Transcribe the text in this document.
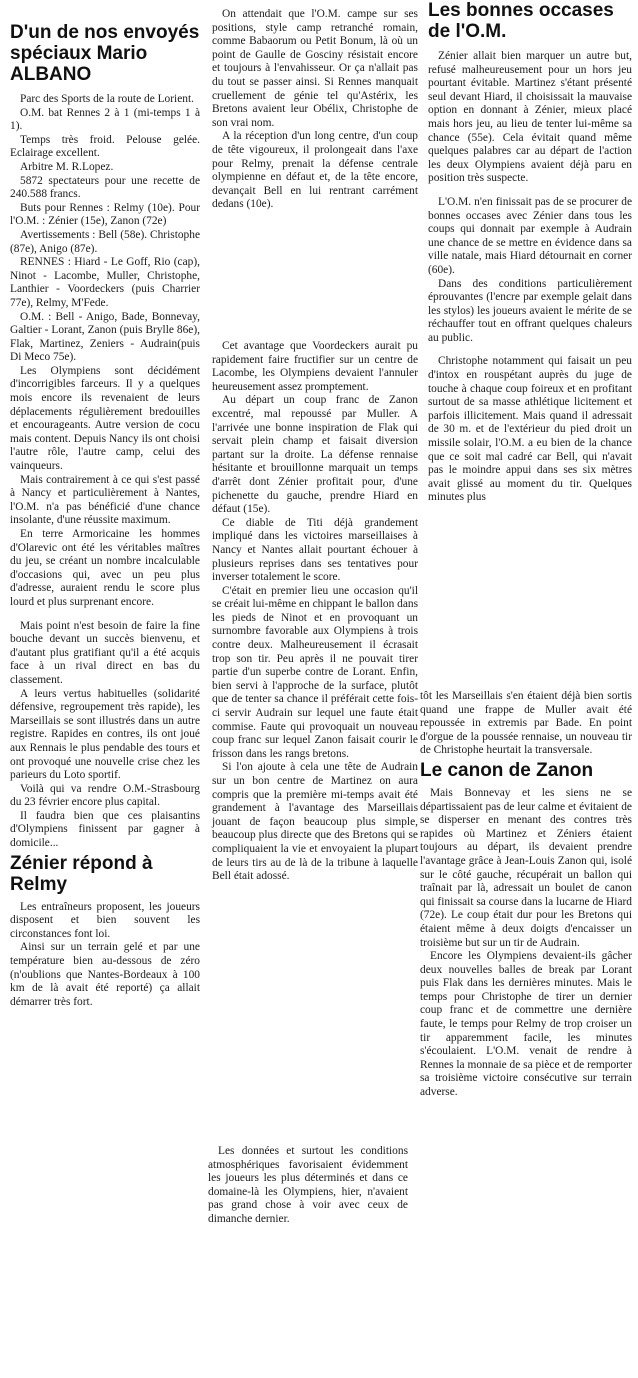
D'un de nos envoyés spéciaux Mario ALBANO

Parc des Sports de la route de Lorient.

O.M. bat Rennes 2 à 1 (mi-temps 1 à 1).

Temps très froid. Pelouse gelée. Eclairage excellent.

Arbitre M. R.Lopez.

5872 spectateurs pour une recette de 240.588 francs.

Buts pour Rennes : Relmy (10e). Pour l'O.M. : Zénier (15e), Zanon (72e)

Avertissements : Bell (58e). Christophe (87e), Anigo (87e).

RENNES : Hiard - Le Goff, Rio (cap), Ninot - Lacombe, Muller, Christophe, Lanthier - Voordeckers (puis Charrier 77e), Relmy, M'Fede.

O.M. : Bell - Anigo, Bade, Bonnevay, Galtier - Lorant, Zanon (puis Brylle 86e), Flak, Martinez, Zeniers - Audrain(puis Di Meco 75e).

Les Olympiens sont décidément d'incorrigibles farceurs. Il y a quelques mois encore ils revenaient de leurs déplacements régulièrement bredouilles et encourageants. Autre version de cocu mais content. Depuis Nancy ils ont choisi l'autre rôle, l'autre camp, celui des vainqueurs.

Mais contrairement à ce qui s'est passé à Nancy et particulièrement à Nantes, l'O.M. n'a pas bénéficié d'une chance insolante, d'une réussite maximum.

En terre Armoricaine les hommes d'Olarevic ont été les véritables maîtres du jeu, se créant un nombre incalculable d'occasions qui, avec un peu plus d'adresse, auraient rendu le score plus lourd et plus surprenant encore.

Mais point n'est besoin de faire la fine bouche devant un succès bienvenu, et d'autant plus gratifiant qu'il a été acquis face à un rival direct en bas du classement.

A leurs vertus habituelles (solidarité défensive, regroupement très rapide), les Marseillais se sont illustrés dans un autre registre. Rapides en contres, ils ont joué aux Rennais le plus pendable des tours et ont provoqué une nouvelle crise chez les parieurs du Loto sportif.

Voilà qui va rendre O.M.-Strasbourg du 23 février encore plus capital.

Il faudra bien que ces plaisantins d'Olympiens finissent par gagner à domicile...

Zénier répond à Relmy

Les entraîneurs proposent, les joueurs disposent et bien souvent les circonstances font loi.

Ainsi sur un terrain gelé et par une température bien au-dessous de zéro (n'oublions que Nantes-Bordeaux à 100 km de là avait été reporté) ça allait démarrer très fort.

On attendait que l'O.M. campe sur ses positions, style camp retranché romain, comme Babaorum ou Petit Bonum, là où un point de Gaulle de Gosciny résistait encore et toujours à l'envahisseur. Or ça n'allait pas du tout se passer ainsi. Si Rennes manquait cruellement de génie tel qu'Astérix, les Bretons avaient leur Obélix, Christophe de son vrai nom.

A la réception d'un long centre, d'un coup de tête vigoureux, il prolongeait dans l'axe pour Relmy, prenait la défense centrale olympienne en défaut et, de la tête encore, devançait Bell en lui rentrant carrément dedans (10e).

Cet avantage que Voordeckers aurait pu rapidement faire fructifier sur un centre de Lacombe, les Olympiens devaient l'annuler heureusement assez promptement.

Au départ un coup franc de Zanon excentré, mal repoussé par Muller. A l'arrivée une bonne inspiration de Flak qui servait plein champ et faisait diversion partant sur la droite. La défense rennaise hésitante et brouillonne marquait un temps d'arrêt dont Zénier profitait pour, d'une pichenette du gauche, prendre Hiard en défaut (15e).

Ce diable de Titi déjà grandement impliqué dans les victoires marseillaises à Nancy et Nantes allait pourtant échouer à plusieurs reprises dans ses tentatives pour inverser totalement le score.

C'était en premier lieu une occasion qu'il se créait lui-même en chippant le ballon dans les pieds de Ninot et en provoquant un surnombre favorable aux Olympiens à trois contre deux. Malheureusement il écrasait trop son tir. Peu après il ne pouvait tirer partie d'un superbe contre de Lorant. Enfin, bien servi à l'approche de la surface, plutôt que de tenter sa chance il préférait cette fois-ci servir Audrain sur lequel une faute était commise. Faute qui provoquait un nouveau coup franc sur lequel Zanon faisait courir le frisson dans les rangs bretons.

Si l'on ajoute à cela une tête de Audrain sur un bon centre de Martinez on aura compris que la première mi-temps avait été grandement à l'avantage des Marseillais jouant de façon beaucoup plus simple, beaucoup plus directe que des Bretons qui se compliquaient la vie et envoyaient la plupart de leurs tirs au de là de la tribune à laquelle Bell était adossé.

Les données et surtout les conditions atmosphériques favorisaient évidemment les joueurs les plus déterminés et dans ce domaine-là les Olympiens, hier, n'avaient pas grand chose à voir avec ceux de dimanche dernier.

Les bonnes occases de l'O.M.

Zénier allait bien marquer un autre but, refusé malheureusement pour un hors jeu pourtant évitable. Martinez s'étant présenté seul devant Hiard, il choisissait la mauvaise option en donnant à Zénier, mieux placé mais hors jeu, au lieu de tenter lui-même sa chance (55e). Cela évitait quand même quelques palabres car au départ de l'action les deux Olympiens avaient déjà paru en position très suspecte.

L'O.M. n'en finissait pas de se procurer de bonnes occases avec Zénier dans tous les coups qui donnait par exemple à Audrain une chance de se mettre en évidence dans sa ville natale, mais Hiard détournait en corner (60e).

Dans des conditions particulièrement éprouvantes (l'encre par exemple gelait dans les stylos) les joueurs avaient le mérite de se réchauffer tout en offrant quelques chaleurs au public.

Christophe notamment qui faisait un peu d'intox en rouspétant auprès du juge de touche à chaque coup foireux et en profitant surtout de sa masse athlétique licitement et parfois illicitement. Mais quand il adressait de 30 m. et de l'extérieur du pied droit un missile solair, l'O.M. a eu bien de la chance que ce soit mal cadré car Bell, qui n'avait pas le moindre appui dans ses six mètres avait glissé au moment du tir. Quelques minutes plus

tôt les Marseillais s'en étaient déjà bien sortis quand une frappe de Muller avait été repoussée in extremis par Bade. En point d'orgue de la poussée rennaise, un nouveau tir de Christophe heurtait la transversale.

Le canon de Zanon

Mais Bonnevay et les siens ne se départissaient pas de leur calme et évitaient de se disperser en menant des contres très rapides où Martinez et Zéniers étaient toujours au départ, ils devaient prendre l'avantage grâce à Jean-Louis Zanon qui, isolé sur le côté gauche, récupérait un ballon qui traînait par là, adressait un boulet de canon qui finissait sa course dans la lucarne de Hiard (72e). Le coup était dur pour les Bretons qui étaient même à deux doigts d'encaisser un troisième but sur un tir de Audrain.

Encore les Olympiens devaient-ils gâcher deux nouvelles balles de break par Lorant puis Flak dans les dernières minutes. Mais le temps pour Christophe de tirer un dernier coup franc et de commettre une dernière faute, le temps pour Relmy de trop croiser un tir apparemment facile, les minutes s'écoulaient. L'O.M. venait de rendre à Rennes la monnaie de sa pièce et de remporter sa troisième victoire consécutive sur terrain adverse.
